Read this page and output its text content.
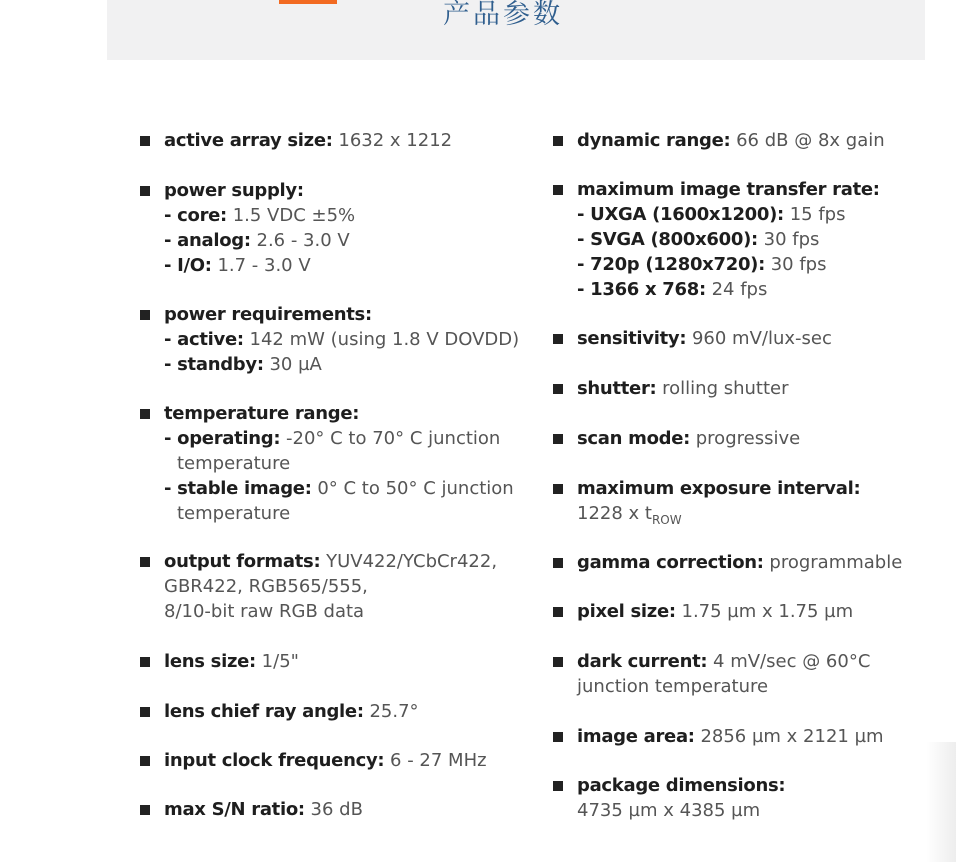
产品参数
active array size: 1632 x 1212
power supply:
- core: 1.5 VDC ±5%
- analog: 2.6 - 3.0 V
- I/O: 1.7 - 3.0 V
power requirements:
- active: 142 mW (using 1.8 V DOVDD)
- standby: 30 µA
temperature range:
- operating: -20° C to 70° C junction
temperature
- stable image: 0° C to 50° C junction
temperature
output formats: YUV422/YCbCr422,
GBR422, RGB565/555,
8/10-bit raw RGB data
lens size: 1/5"
lens chief ray angle: 25.7°
input clock frequency: 6 - 27 MHz
max S/N ratio: 36 dB
dynamic range: 66 dB @ 8x gain
maximum image transfer rate:
- UXGA (1600x1200): 15 fps
- SVGA (800x600): 30 fps
- 720p (1280x720): 30 fps
- 1366 x 768: 24 fps
sensitivity: 960 mV/lux-sec
shutter: rolling shutter
scan mode: progressive
maximum exposure interval:
1228 x $t_{ROW}$
gamma correction: programmable
pixel size: 1.75 µm x 1.75 µm
dark current: 4 mV/sec @ 60°C
junction temperature
image area: 2856 µm x 2121 µm
package dimensions:
4735 µm x 4385 µm
